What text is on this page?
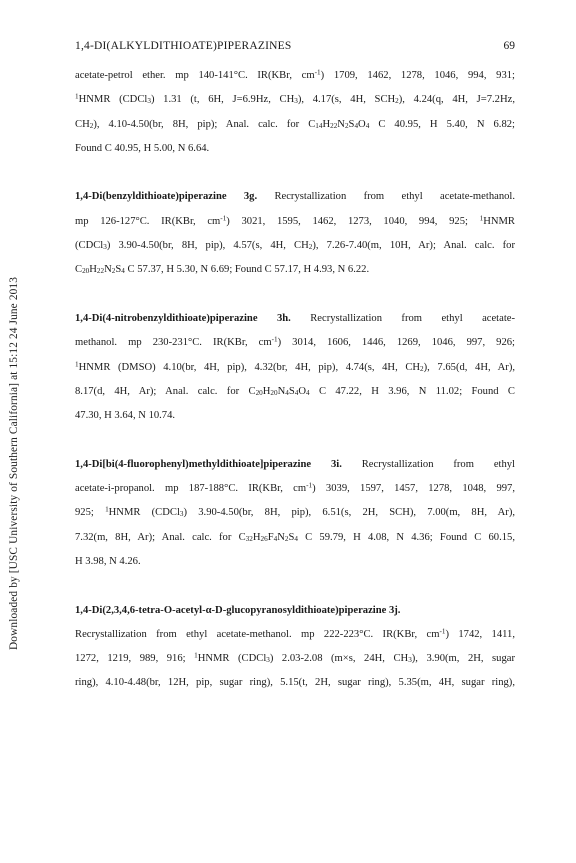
1,4-DI(ALKYLDITHIOATE)PIPERAZINES	69
Downloaded by [USC University of Southern California] at 15:12 24 June 2013
acetate-petrol ether. mp 140-141°C. IR(KBr, $cm^{-1}$) 1709, 1462, 1278, 1046, 994, 931;
$^1$HNMR (CDCl$_3$) 1.31 (t, 6H, J=6.9Hz, $CH_3$), 4.17(s, 4H, $SCH_2$), 4.24(q, 4H, J=7.2Hz,
$CH_2$), 4.10-4.50(br, 8H, pip); Anal. calc. for $C_{14}H_{22}N_2S_4O_4$ C 40.95, H 5.40, N 6.82;
Found C 40.95, H 5.00, N 6.64.
1,4-Di(benzyldithioate)piperazine 3g. Recrystallization from ethyl acetate-methanol.
mp 126-127°C. IR(KBr, $cm^{-1}$) 3021, 1595, 1462, 1273, 1040, 994, 925; $^1$HNMR
(CDCl$_3$) 3.90-4.50(br, 8H, pip), 4.57(s, 4H, $CH_2$), 7.26-7.40(m, 10H, Ar); Anal. calc. for
$C_{20}H_{22}N_2S_4$ C 57.37, H 5.30, N 6.69; Found C 57.17, H 4.93, N 6.22.
1,4-Di(4-nitrobenzyldithioate)piperazine 3h. Recrystallization from ethyl acetate-
methanol. mp 230-231°C. IR(KBr, $cm^{-1}$) 3014, 1606, 1446, 1269, 1046, 997, 926;
$^1$HNMR (DMSO) 4.10(br, 4H, pip), 4.32(br, 4H, pip), 4.74(s, 4H, $CH_2$), 7.65(d, 4H, Ar),
8.17(d, 4H, Ar); Anal. calc. for $C_{20}H_{20}N_4S_4O_4$ C 47.22, H 3.96, N 11.02; Found C
47.30, H 3.64, N 10.74.
1,4-Di[bi(4-fluorophenyl)methyldithioate]piperazine 3i. Recrystallization from ethyl
acetate-i-propanol. mp 187-188°C. IR(KBr, $cm^{-1}$) 3039, 1597, 1457, 1278, 1048, 997,
925; $^1$HNMR (CDCl$_3$) 3.90-4.50(br, 8H, pip), 6.51(s, 2H, SCH), 7.00(m, 8H, Ar),
7.32(m, 8H, Ar); Anal. calc. for $C_{32}H_{26}F_4N_2S_4$ C 59.79, H 4.08, N 4.36; Found C 60.15,
H 3.98, N 4.26.
1,4-Di(2,3,4,6-tetra-O-acetyl-α-D-glucopyranosyldithioate)piperazine 3j.
Recrystallization from ethyl acetate-methanol. mp 222-223°C. IR(KBr, $cm^{-1}$) 1742, 1411,
1272, 1219, 989, 916; $^1$HNMR (CDCl$_3$) 2.03-2.08 (m×s, 24H, $CH_3$), 3.90(m, 2H, sugar
ring), 4.10-4.48(br, 12H, pip, sugar ring), 5.15(t, 2H, sugar ring), 5.35(m, 4H, sugar ring),
